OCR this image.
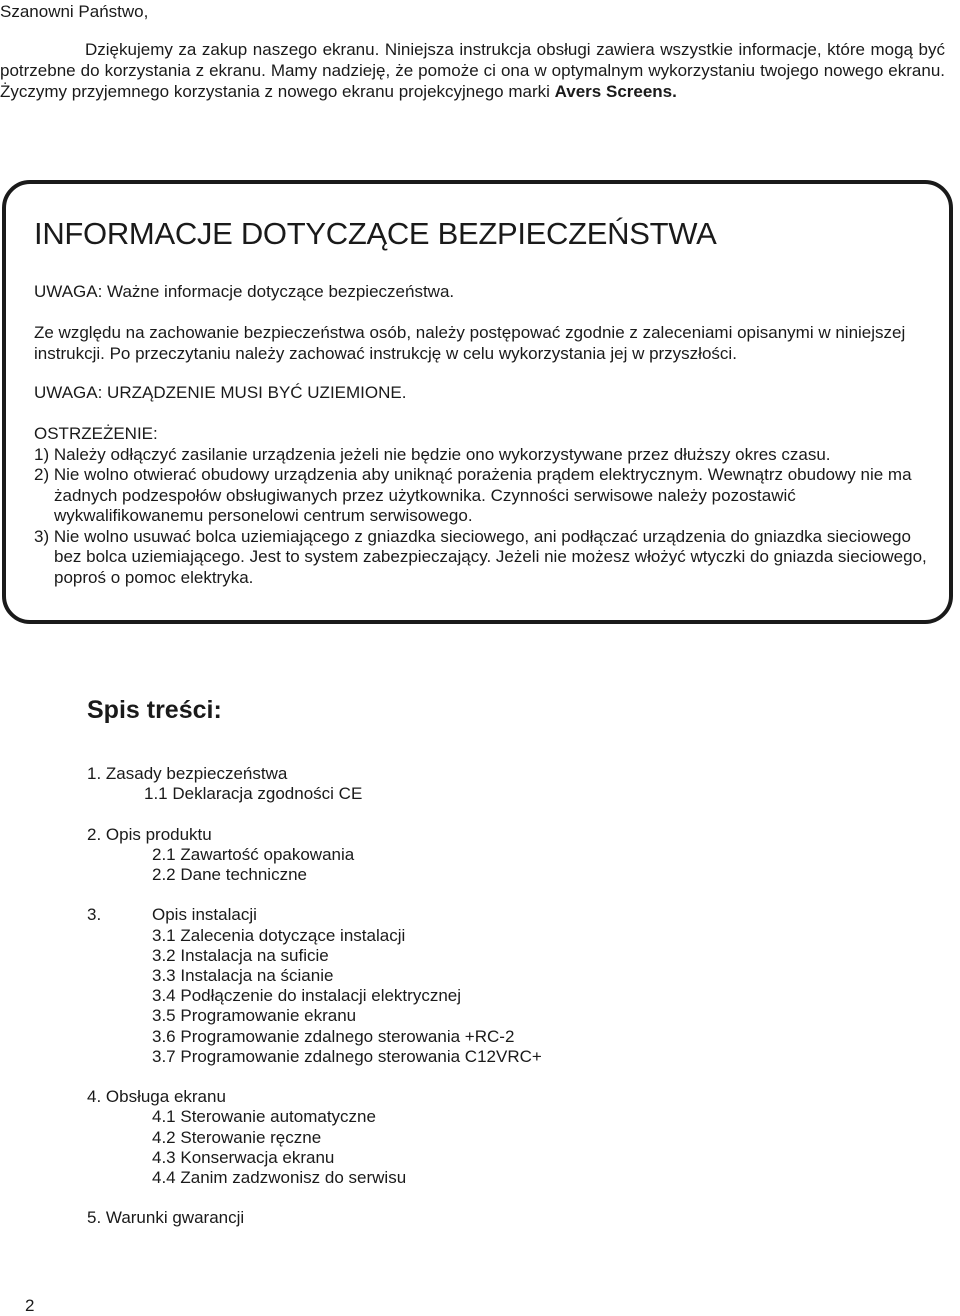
Szanowni Państwo,

Dziękujemy za zakup naszego ekranu. Niniejsza instrukcja obsługi zawiera wszystkie informacje, które mogą być potrzebne do korzystania z ekranu. Mamy nadzieję, że pomoże ci ona w optymalnym wykorzystaniu twojego nowego ekranu. Życzymy przyjemnego korzystania z nowego ekranu projekcyjnego marki Avers Screens.

INFORMACJE DOTYCZĄCE BEZPIECZEŃSTWA
UWAGA: Ważne informacje dotyczące bezpieczeństwa.
Ze względu na zachowanie bezpieczeństwa osób, należy postępować zgodnie z zaleceniami opisanymi w niniejszej instrukcji. Po przeczytaniu należy zachować instrukcję w celu wykorzystania jej w przyszłości.
UWAGA: URZĄDZENIE MUSI BYĆ UZIEMIONE.
OSTRZEŻENIE:
1) Należy odłączyć zasilanie urządzenia jeżeli nie będzie ono wykorzystywane przez dłuższy okres czasu.
2) Nie wolno otwierać obudowy urządzenia aby uniknąć porażenia prądem elektrycznym. Wewnątrz obudowy nie ma żadnych podzespołów obsługiwanych przez użytkownika. Czynności serwisowe należy pozostawić wykwalifikowanemu personelowi centrum serwisowego.
3) Nie wolno usuwać bolca uziemiającego z gniazdka sieciowego, ani podłączać urządzenia do gniazdka sieciowego bez bolca uziemiającego. Jest to system zabezpieczający. Jeżeli nie możesz włożyć wtyczki do gniazda sieciowego, poproś o pomoc elektryka.
Spis treści:
1. Zasady bezpieczeństwa
1.1 Deklaracja zgodności CE
2. Opis produktu
2.1 Zawartość opakowania
2.2 Dane techniczne
3.	Opis instalacji
3.1 Zalecenia dotyczące instalacji
3.2 Instalacja na suficie
3.3 Instalacja na ścianie
3.4 Podłączenie do instalacji elektrycznej
3.5 Programowanie ekranu
3.6 Programowanie zdalnego sterowania +RC-2
3.7 Programowanie zdalnego sterowania C12VRC+
4. Obsługa ekranu
4.1 Sterowanie automatyczne
4.2 Sterowanie ręczne
4.3 Konserwacja ekranu
4.4 Zanim zadzwonisz do serwisu
5. Warunki gwarancji
2
